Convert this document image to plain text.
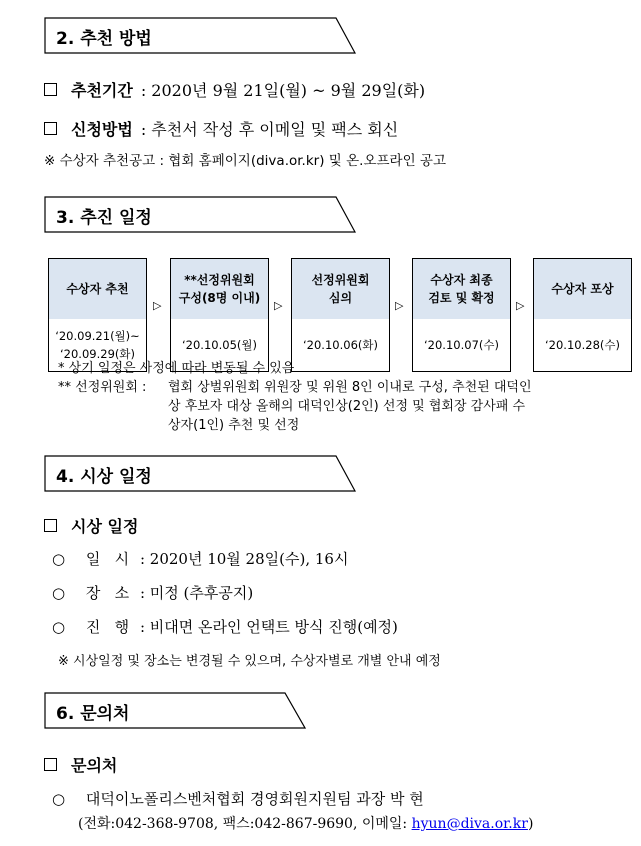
2. 추천 방법
추천기간 : 2020년 9월 21일(월) ~ 9월 29일(화)
신청방법 : 추천서 작성 후 이메일 및 팩스 회신
※ 수상자 추천공고 : 협회 홈페이지(diva.or.kr) 및 온.오프라인 공고
3. 추진 일정
수상자 추천
‘20.09.21(월)~
‘20.09.29(화)
▷
**선정위원회
구성(8명 이내)
‘20.10.05(월)
▷
선정위원회
심의
‘20.10.06(화)
▷
수상자 최종
검토 및 확정
‘20.10.07(수)
▷
수상자 포상
‘20.10.28(수)
* 상기 일정은 사정에 따라 변동될 수 있음
** 선정위원회 : 협회 상벌위원회 위원장 및 위원 8인 이내로 구성, 추천된 대덕인
상 후보자 대상 올해의 대덕인상(2인) 선정 및 협회장 감사패 수
상자(1인) 추천 및 선정
4. 시상 일정
시상 일정
○ 일   시 : 2020년 10월 28일(수), 16시
○ 장   소 : 미정 (추후공지)
○ 진   행 : 비대면 온라인 언택트 방식 진행(예정)
※ 시상일정 및 장소는 변경될 수 있으며, 수상자별로 개별 안내 예정
6. 문의처
문의처
○ 대덕이노폴리스벤처협회 경영회원지원팀 과장 박 현
(전화:042-368-9708, 팩스:042-867-9690, 이메일: hyun@diva.or.kr)
